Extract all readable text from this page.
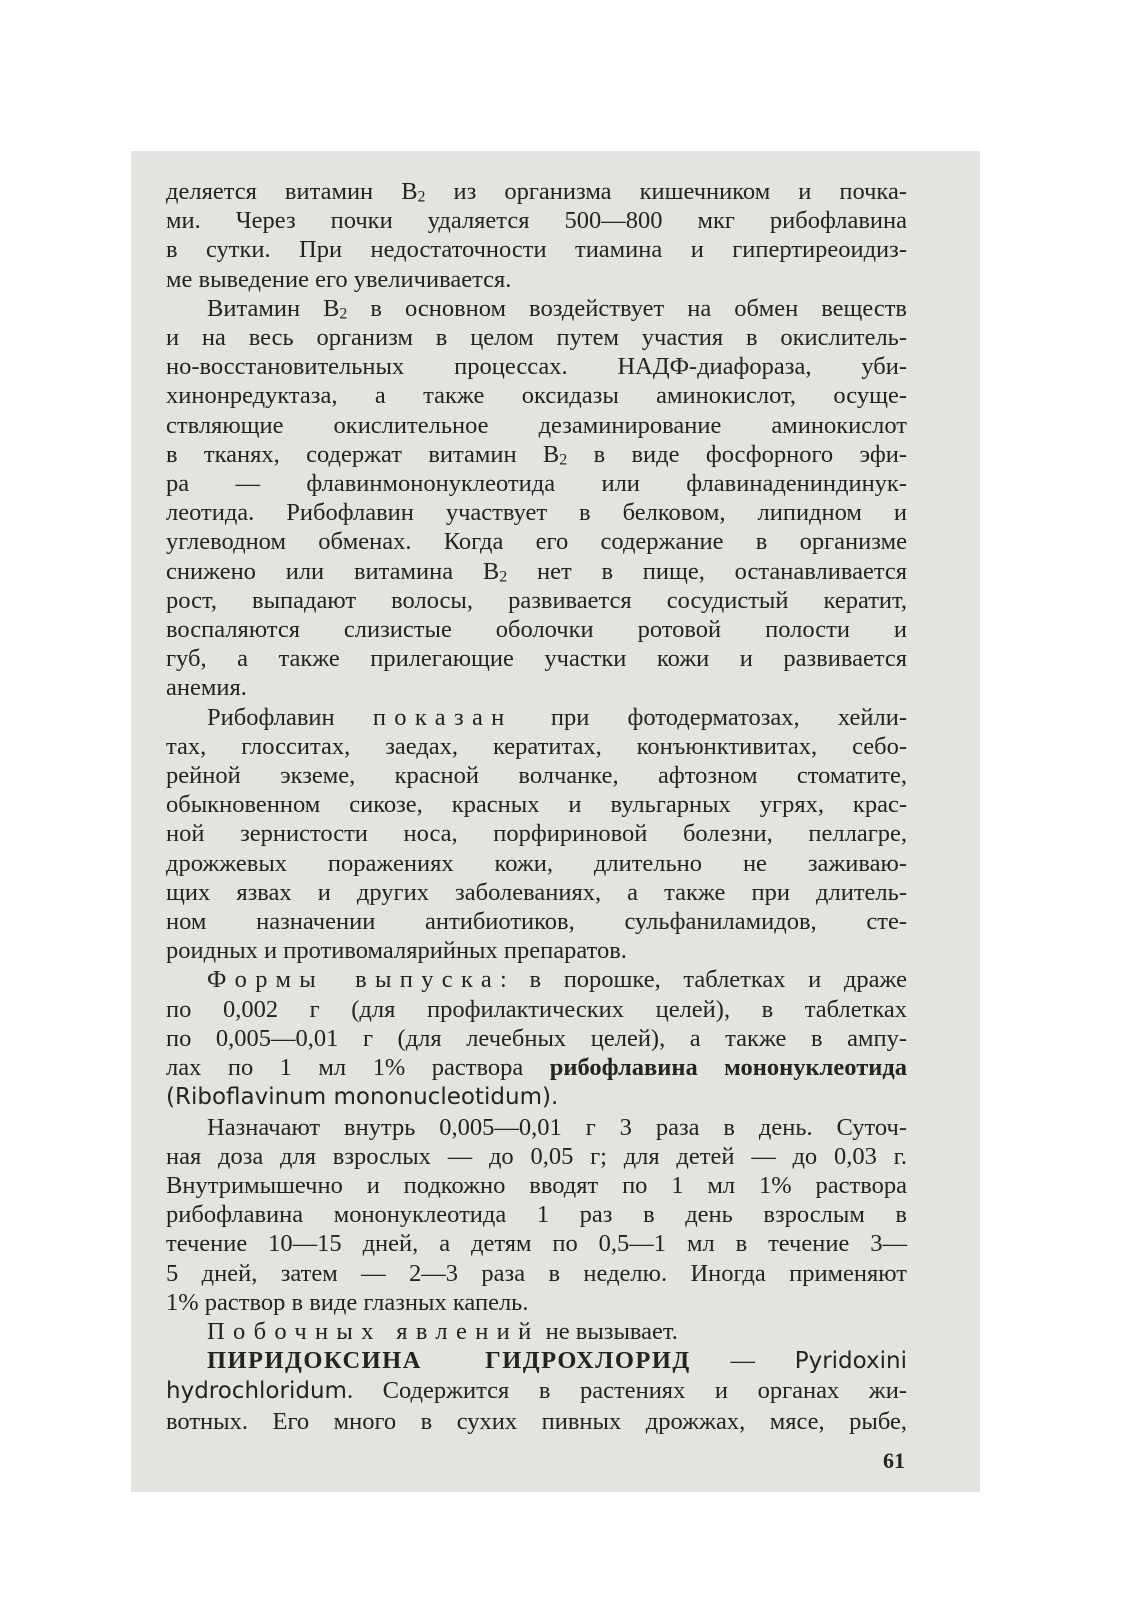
деляется витамин $В_2$ из организма кишечником и почка-
ми. Через почки удаляется 500—800 мкг рибофлавина
в сутки. При недостаточности тиамина и гипертиреоидиз-
ме выведение его увеличивается.
Витамин $В_2$ в основном воздействует на обмен веществ
и на весь организм в целом путем участия в окислитель-
но-восстановительных процессах. НАДФ-диафораза, уби-
хинонредуктаза, а также оксидазы аминокислот, осуще-
ствляющие окислительное дезаминирование аминокислот
в тканях, содержат витамин $В_2$ в виде фосфорного эфи-
ра — флавинмононуклеотида или флавинадениндинук-
леотида. Рибофлавин участвует в белковом, липидном и
углеводном обменах. Когда его содержание в организме
снижено или витамина $В_2$ нет в пище, останавливается
рост, выпадают волосы, развивается сосудистый кератит,
воспаляются слизистые оболочки ротовой полости и
губ, а также прилегающие участки кожи и развивается
анемия.
Рибофлавин показан при фотодерматозах, хейли-
тах, глосситах, заедах, кератитах, конъюнктивитах, себо-
рейной экземе, красной волчанке, афтозном стоматите,
обыкновенном сикозе, красных и вульгарных угрях, крас-
ной зернистости носа, порфириновой болезни, пеллагре,
дрожжевых поражениях кожи, длительно не заживаю-
щих язвах и других заболеваниях, а также при длитель-
ном назначении антибиотиков, сульфаниламидов, сте-
роидных и противомалярийных препаратов.
Формы выпуска: в порошке, таблетках и драже
по 0,002 г (для профилактических целей), в таблетках
по 0,005—0,01 г (для лечебных целей), а также в ампу-
лах по 1 мл 1% раствора рибофлавина мононуклеотида
(Riboflavinum mononucleotidum).
Назначают внутрь 0,005—0,01 г 3 раза в день. Суточ-
ная доза для взрослых — до 0,05 г; для детей — до 0,03 г.
Внутримышечно и подкожно вводят по 1 мл 1% раствора
рибофлавина мононуклеотида 1 раз в день взрослым в
течение 10—15 дней, а детям по 0,5—1 мл в течение 3—
5 дней, затем — 2—3 раза в неделю. Иногда применяют
1% раствор в виде глазных капель.
Побочных явлений не вызывает.
ПИРИДОКСИНА ГИДРОХЛОРИД — Pyridoxini
hydrochloridum. Содержится в растениях и органах жи-
вотных. Его много в сухих пивных дрожжах, мясе, рыбе,
61
